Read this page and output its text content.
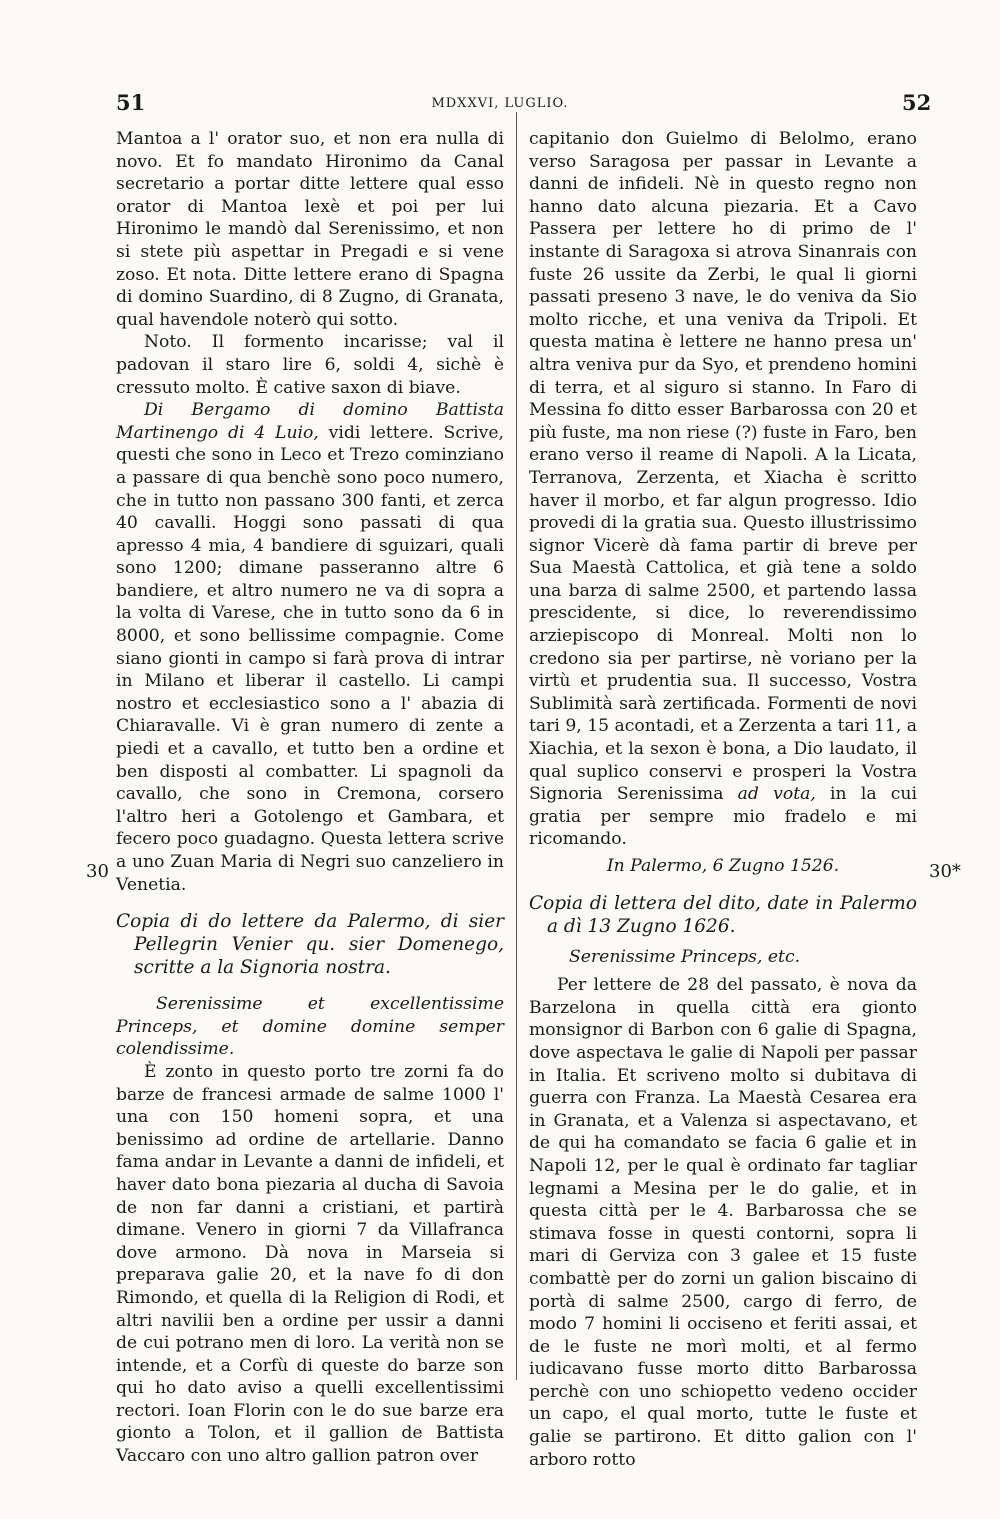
51	MDXXVI, LUGLIO.	52
30	30*

Mantoa a l' orator suo, et non era nulla di novo. Et fo mandato Hironimo da Canal secretario a portar ditte lettere qual esso orator di Mantoa lexè et poi per lui Hironimo le mandò dal Serenissimo, et non si stete più aspettar in Pregadi e si vene zoso. Et nota. Ditte lettere erano di Spagna di domino Suardino, di 8 Zugno, di Granata, qual havendole noterò qui sotto.

Noto. Il formento incarisse; val il padovan il staro lire 6, soldi 4, sichè è cressuto molto. È cative saxon di biave.

Di Bergamo di domino Battista Martinengo di 4 Luio, vidi lettere. Scrive, questi che sono in Leco et Trezo cominziano a passare di qua benchè sono poco numero, che in tutto non passano 300 fanti, et zerca 40 cavalli. Hoggi sono passati di qua apresso 4 mia, 4 bandiere di sguizari, quali sono 1200; dimane passeranno altre 6 bandiere, et altro numero ne va di sopra a la volta di Varese, che in tutto sono da 6 in 8000, et sono bellissime compagnie. Come siano gionti in campo si farà prova di intrar in Milano et liberar il castello. Li campi nostro et ecclesiastico sono a l' abazia di Chiaravalle. Vi è gran numero di zente a piedi et a cavallo, et tutto ben a ordine et ben disposti al combatter. Li spagnoli da cavallo, che sono in Cremona, corsero l'altro heri a Gotolengo et Gambara, et fecero poco guadagno. Questa lettera scrive a uno Zuan Maria di Negri suo canzeliero in Venetia.

Copia di do lettere da Palermo, di sier Pellegrin Venier qu. sier Domenego, scritte a la Signoria nostra.

Serenissime et excellentissime Princeps, et domine domine semper colendissime.

È zonto in questo porto tre zorni fa do barze de francesi armade de salme 1000 l' una con 150 homeni sopra, et una benissimo ad ordine de artellarie. Danno fama andar in Levante a danni de infideli, et haver dato bona piezaria al ducha di Savoia de non far danni a cristiani, et partirà dimane. Venero in giorni 7 da Villafranca dove armono. Dà nova in Marseia si preparava galie 20, et la nave fo di don Rimondo, et quella di la Religion di Rodi, et altri navilii ben a ordine per ussir a danni de cui potrano men di loro. La verità non se intende, et a Corfù di queste do barze son qui ho dato aviso a quelli excellentissimi rectori. Ioan Florin con le do sue barze era gionto a Tolon, et il gallion de Battista Vaccaro con uno altro gallion patron over

capitanio don Guielmo di Belolmo, erano verso Saragosa per passar in Levante a danni de infideli. Nè in questo regno non hanno dato alcuna piezaria. Et a Cavo Passera per lettere ho di primo de l' instante di Saragoxa si atrova Sinanrais con fuste 26 ussite da Zerbi, le qual li giorni passati preseno 3 nave, le do veniva da Sio molto ricche, et una veniva da Tripoli. Et questa matina è lettere ne hanno presa un' altra veniva pur da Syo, et prendeno homini di terra, et al siguro si stanno. In Faro di Messina fo ditto esser Barbarossa con 20 et più fuste, ma non riese (?) fuste in Faro, ben erano verso il reame di Napoli. A la Licata, Terranova, Zerzenta, et Xiacha è scritto haver il morbo, et far algun progresso. Idio provedi di la gratia sua. Questo illustrissimo signor Vicerè dà fama partir di breve per Sua Maestà Cattolica, et già tene a soldo una barza di salme 2500, et partendo lassa prescidente, si dice, lo reverendissimo arziepiscopo di Monreal. Molti non lo credono sia per partirse, nè voriano per la virtù et prudentia sua. Il successo, Vostra Sublimità sarà zertificada. Formenti de novi tari 9, 15 acontadi, et a Zerzenta a tari 11, a Xiachia, et la sexon è bona, a Dio laudato, il qual suplico conservi e prosperi la Vostra Signoria Serenissima ad vota, in la cui gratia per sempre mio fradelo e mi ricomando.

In Palermo, 6 Zugno 1526.

Copia di lettera del dito, date in Palermo a dì 13 Zugno 1626.

Serenissime Princeps, etc.

Per lettere de 28 del passato, è nova da Barzelona in quella città era gionto monsignor di Barbon con 6 galie di Spagna, dove aspectava le galie di Napoli per passar in Italia. Et scriveno molto si dubitava di guerra con Franza. La Maestà Cesarea era in Granata, et a Valenza si aspectavano, et de qui ha comandato se facia 6 galie et in Napoli 12, per le qual è ordinato far tagliar legnami a Mesina per le do galie, et in questa città per le 4. Barbarossa che se stimava fosse in questi contorni, sopra li mari di Gerviza con 3 galee et 15 fuste combattè per do zorni un galion biscaino di portà di salme 2500, cargo di ferro, de modo 7 homini li occiseno et feriti assai, et de le fuste ne morì molti, et al fermo iudicavano fusse morto ditto Barbarossa perchè con uno schiopetto vedeno occider un capo, el qual morto, tutte le fuste et galie se partirono. Et ditto galion con l' arboro rotto
